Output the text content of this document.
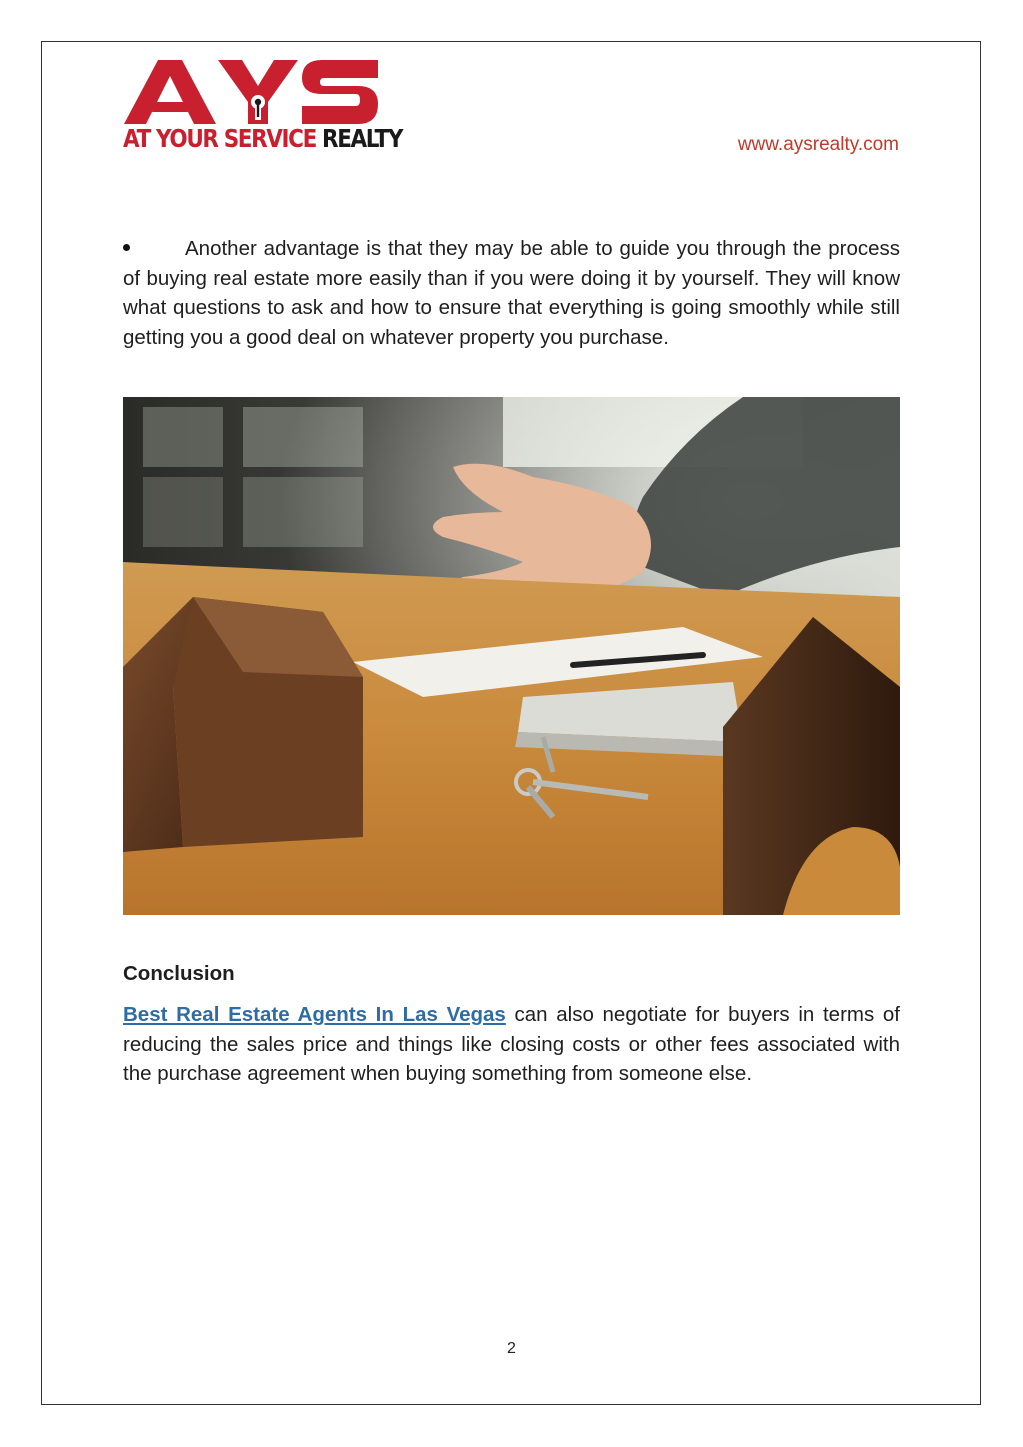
AT YOUR SERVICE REALTY	www.aysrealty.com
Another advantage is that they may be able to guide you through the process of buying real estate more easily than if you were doing it by yourself. They will know what questions to ask and how to ensure that everything is going smoothly while still getting you a good deal on whatever property you purchase.
Conclusion
Best Real Estate Agents In Las Vegas can also negotiate for buyers in terms of reducing the sales price and things like closing costs or other fees associated with the purchase agreement when buying something from someone else.
2
